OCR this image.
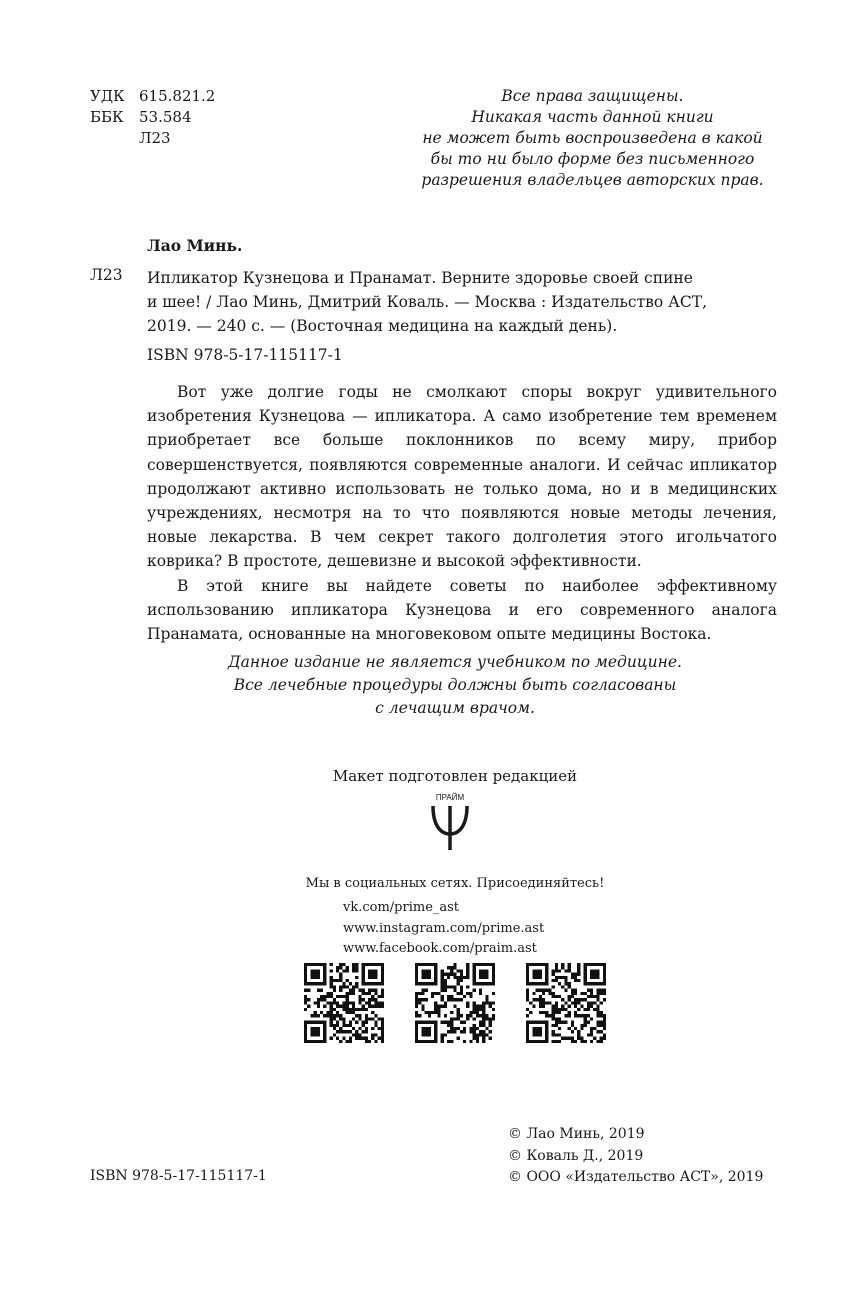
УДК 615.821.2
ББК	53.584
Л23
Все права защищены.
Никакая часть данной книги
не может быть воспроизведена в какой
бы то ни было форме без письменного
разрешения владельцев авторских прав.
Лао Минь.
Л23 Ипликатор Кузнецова и Пранамат. Верните здоровье своей спине
и шее! / Лао Минь, Дмитрий Коваль. — Москва : Издательство АСТ,
2019. — 240 с. — (Восточная медицина на каждый день).
ISBN 978-5-17-115117-1

Вот уже долгие годы не смолкают споры вокруг удивительного изобретения Кузнецова — ипликатора. А само изобретение тем временем приобретает все больше поклонников по всему миру, прибор совершенствуется, появляются современные аналоги. И сейчас ипликатор продолжают активно использовать не только дома, но и в медицинских учреждениях, несмотря на то что появляются новые методы лечения, новые лекарства. В чем секрет такого долголетия этого игольчатого коврика? В простоте, дешевизне и высокой эффективности.

В этой книге вы найдете советы по наиболее эффективному использованию ипликатора Кузнецова и его современного аналога Пранамата, основанные на многовековом опыте медицины Востока.

Данное издание не является учебником по медицине.
Все лечебные процедуры должны быть согласованы
с лечащим врачом.
Макет подготовлен редакцией
ПРАЙМ
Мы в социальных сетях. Присоединяйтесь!
vk.com/prime_ast
www.instagram.com/prime.ast
www.facebook.com/praim.ast
ISBN 978-5-17-115117-1
© Лао Минь, 2019
© Коваль Д., 2019
© ООО «Издательство АСТ», 2019
